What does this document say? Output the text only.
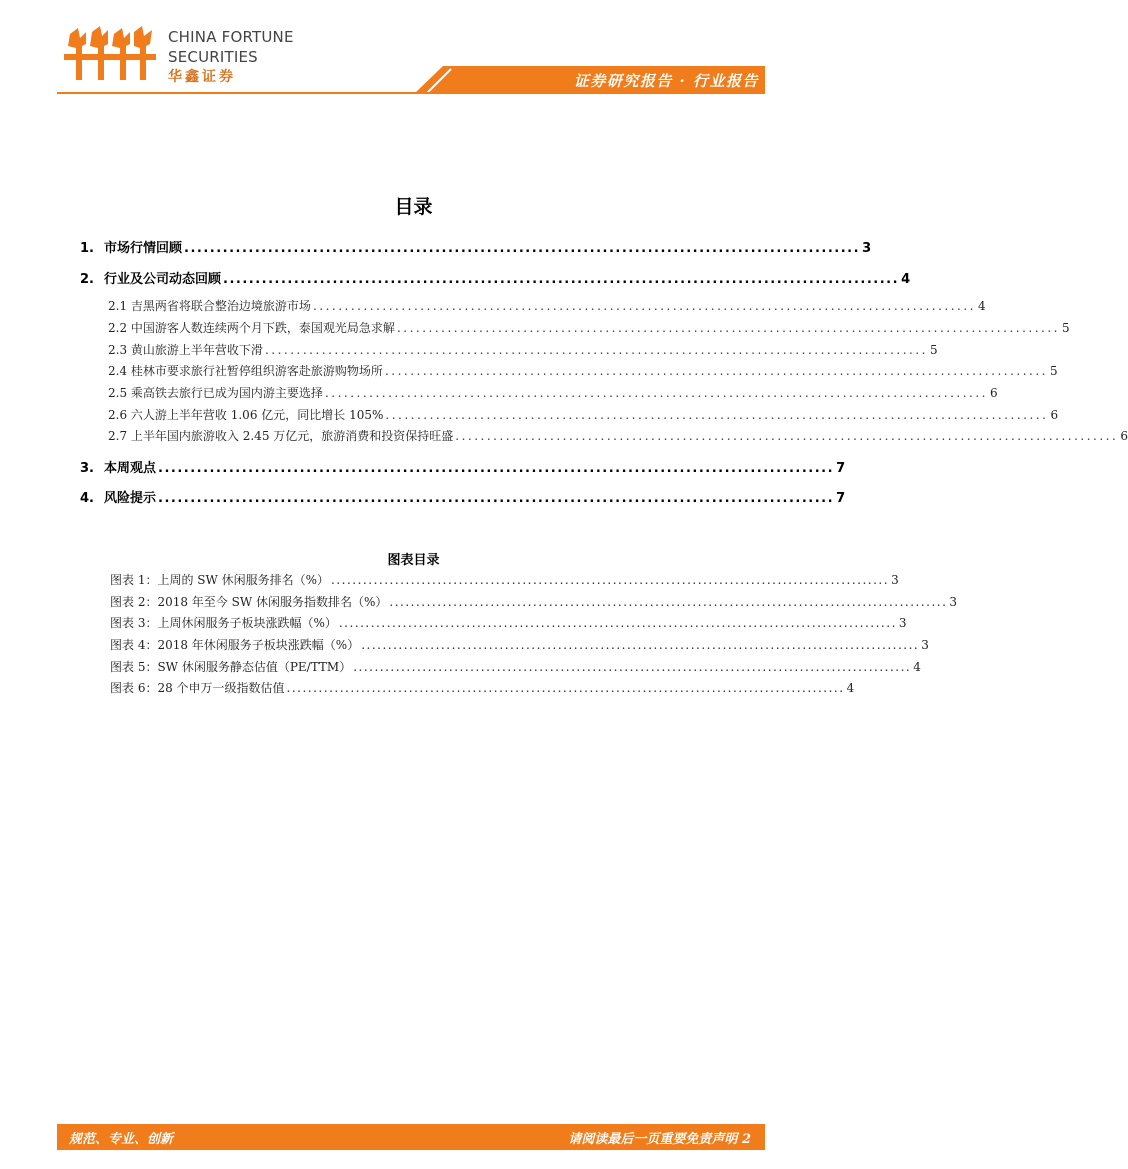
CHINA FORTUNE
SECURITIES
华鑫证券	证券研究报告 · 行业报告
目录
1. 市场行情回顾 ......................................................................................................... 3
2. 行业及公司动态回顾 ......................................................................................................... 4
2.1 吉黑两省将联合整治边境旅游市场 ......................................................................................................... 4
2.2 中国游客人数连续两个月下跌，泰国观光局急求解 ......................................................................................................... 5
2.3 黄山旅游上半年营收下滑 ......................................................................................................... 5
2.4 桂林市要求旅行社暂停组织游客赴旅游购物场所 ......................................................................................................... 5
2.5 乘高铁去旅行已成为国内游主要选择 ......................................................................................................... 6
2.6 六人游上半年营收 1.06 亿元，同比增长 105% ......................................................................................................... 6
2.7 上半年国内旅游收入 2.45 万亿元，旅游消费和投资保持旺盛 ......................................................................................................... 6
3. 本周观点 ......................................................................................................... 7
4. 风险提示 ......................................................................................................... 7
图表目录
图表 1：上周的 SW 休闲服务排名（%） ......................................................................................................... 3
图表 2：2018 年至今 SW 休闲服务指数排名（%） ......................................................................................................... 3
图表 3：上周休闲服务子板块涨跌幅（%） ......................................................................................................... 3
图表 4：2018 年休闲服务子板块涨跌幅（%） ......................................................................................................... 3
图表 5：SW 休闲服务静态估值（PE/TTM） ......................................................................................................... 4
图表 6：28 个申万一级指数估值 ......................................................................................................... 4
规范、专业、创新	请阅读最后一页重要免责声明 2
